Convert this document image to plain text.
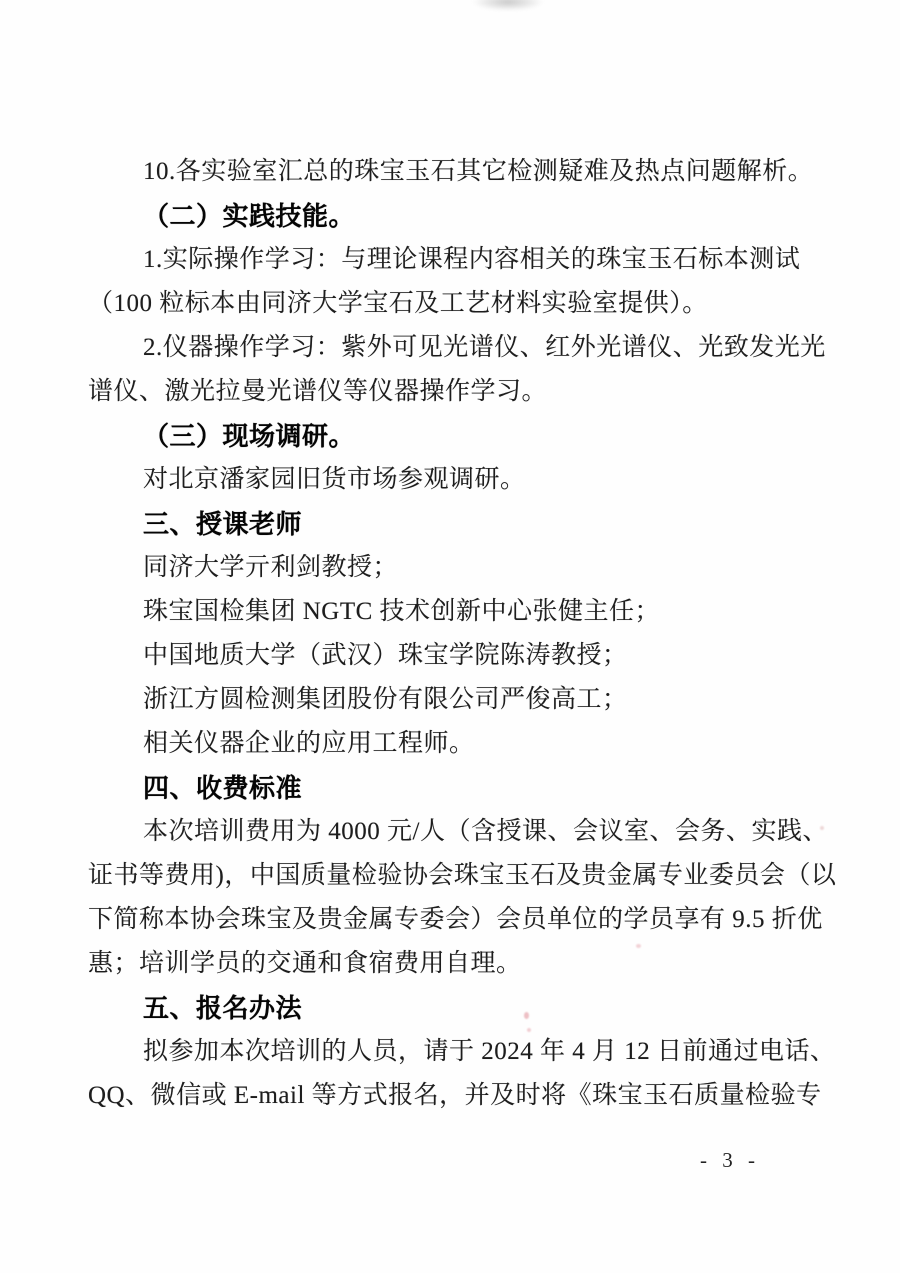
10.各实验室汇总的珠宝玉石其它检测疑难及热点问题解析。
（二）实践技能。
1.实际操作学习：与理论课程内容相关的珠宝玉石标本测试
（100 粒标本由同济大学宝石及工艺材料实验室提供）。
2.仪器操作学习：紫外可见光谱仪、红外光谱仪、光致发光光
谱仪、激光拉曼光谱仪等仪器操作学习。
（三）现场调研。
对北京潘家园旧货市场参观调研。
三、授课老师
同济大学亓利剑教授；
珠宝国检集团 NGTC 技术创新中心张健主任；
中国地质大学（武汉）珠宝学院陈涛教授；
浙江方圆检测集团股份有限公司严俊高工；
相关仪器企业的应用工程师。
四、收费标准
本次培训费用为 4000 元/人（含授课、会议室、会务、实践、
证书等费用)，中国质量检验协会珠宝玉石及贵金属专业委员会（以
下简称本协会珠宝及贵金属专委会）会员单位的学员享有 9.5 折优
惠；培训学员的交通和食宿费用自理。
五、报名办法
拟参加本次培训的人员，请于 2024 年 4 月 12 日前通过电话、
QQ、微信或 E-mail 等方式报名，并及时将《珠宝玉石质量检验专
- 3 -
